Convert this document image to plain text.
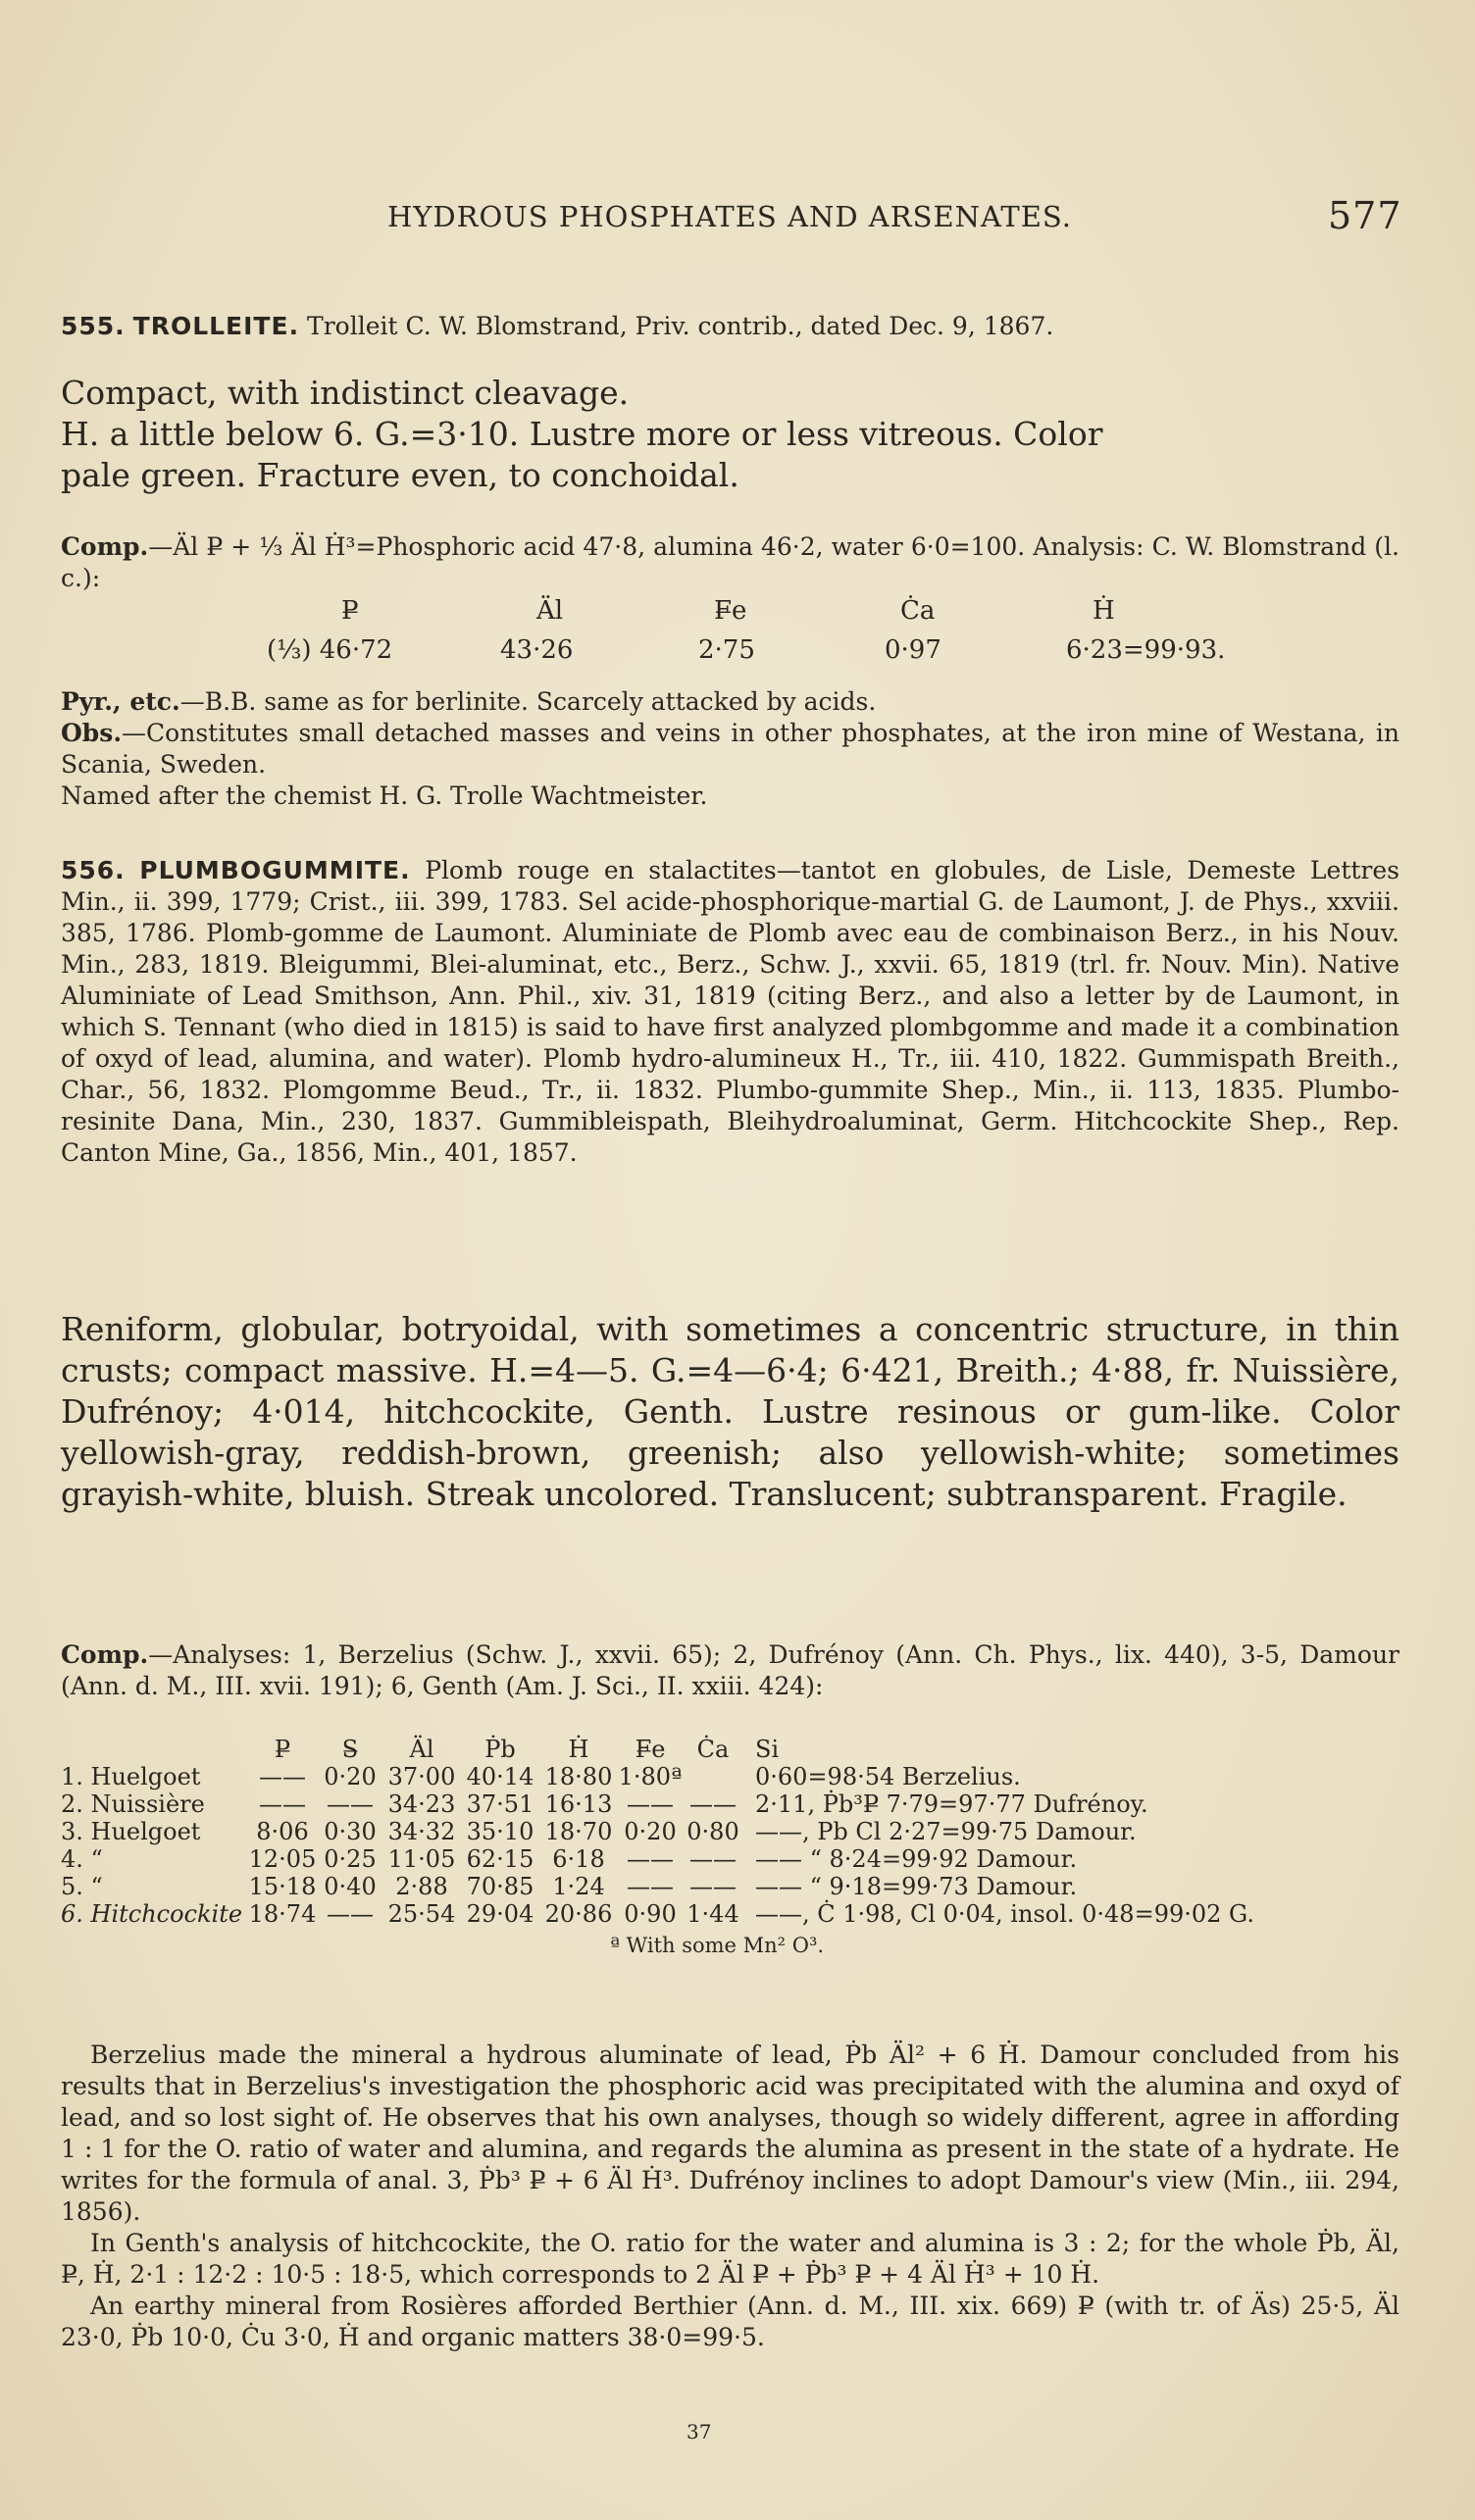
HYDROUS PHOSPHATES AND ARSENATES.	577
555. TROLLEITE. Trolleit C. W. Blomstrand, Priv. contrib., dated Dec. 9, 1867.

Compact, with indistinct cleavage.

H. a little below 6. G.=3·10. Lustre more or less vitreous. Color

pale green. Fracture even, to conchoidal.

Comp.—Äl P̶ + ⅓ Äl Ḣ³=Phosphoric acid 47·8, alumina 46·2, water 6·0=100. Analysis: C. W. Blomstrand (l. c.):
P̶	Äl	F̶e	Ċa	Ḣ
(⅓) 46·72	43·26	2·75	0·97	6·23=99·93.

Pyr., etc.—B.B. same as for berlinite. Scarcely attacked by acids.

Obs.—Constitutes small detached masses and veins in other phosphates, at the iron mine of Westana, in Scania, Sweden.

Named after the chemist H. G. Trolle Wachtmeister.

556. PLUMBOGUMMITE. Plomb rouge en stalactites—tantot en globules, de Lisle, Demeste Lettres Min., ii. 399, 1779; Crist., iii. 399, 1783. Sel acide-phosphorique-martial G. de Laumont, J. de Phys., xxviii. 385, 1786. Plomb-gomme de Laumont. Aluminiate de Plomb avec eau de combinaison Berz., in his Nouv. Min., 283, 1819. Bleigummi, Blei-aluminat, etc., Berz., Schw. J., xxvii. 65, 1819 (trl. fr. Nouv. Min). Native Aluminiate of Lead Smithson, Ann. Phil., xiv. 31, 1819 (citing Berz., and also a letter by de Laumont, in which S. Tennant (who died in 1815) is said to have first analyzed plombgomme and made it a combination of oxyd of lead, alumina, and water). Plomb hydro-alumineux H., Tr., iii. 410, 1822. Gummispath Breith., Char., 56, 1832. Plomgomme Beud., Tr., ii. 1832. Plumbo-gummite Shep., Min., ii. 113, 1835. Plumbo-resinite Dana, Min., 230, 1837. Gummibleispath, Bleihydroaluminat, Germ. Hitchcockite Shep., Rep. Canton Mine, Ga., 1856, Min., 401, 1857.

Reniform, globular, botryoidal, with sometimes a concentric structure, in thin crusts; compact massive. H.=4—5. G.=4—6·4; 6·421, Breith.; 4·88, fr. Nuissière, Dufrénoy; 4·014, hitchcockite, Genth. Lustre resinous or gum-like. Color yellowish-gray, reddish-brown, greenish; also yellowish-white; sometimes grayish-white, bluish. Streak uncolored. Translucent; subtransparent. Fragile.

Comp.—Analyses: 1, Berzelius (Schw. J., xxvii. 65); 2, Dufrénoy (Ann. Ch. Phys., lix. 440), 3-5, Damour (Ann. d. M., III. xvii. 191); 6, Genth (Am. J. Sci., II. xxiii. 424):
	P̶	S̶	Äl	Ṗb	Ḣ	F̶e	Ċa	Si
1. Huelgoet	——	0·20	37·00	40·14	18·80	1·80ª		0·60=98·54 Berzelius.
2. Nuissière	——	——	34·23	37·51	16·13	——	——	2·11, Ṗb³P̶ 7·79=97·77 Dufrénoy.
3. Huelgoet	8·06	0·30	34·32	35·10	18·70	0·20	0·80	——, Pb Cl 2·27=99·75 Damour.
4. “	12·05	0·25	11·05	62·15	6·18	——	——	—— “ 8·24=99·92 Damour.
5. “	15·18	0·40	2·88	70·85	1·24	——	——	—— “ 9·18=99·73 Damour.
6. Hitchcockite	18·74	——	25·54	29·04	20·86	0·90	1·44	——, Ċ 1·98, Cl 0·04, insol. 0·48=99·02 G.

ª With some Mn² O³.

Berzelius made the mineral a hydrous aluminate of lead, Ṗb Äl² + 6 Ḣ. Damour concluded from his results that in Berzelius's investigation the phosphoric acid was precipitated with the alumina and oxyd of lead, and so lost sight of. He observes that his own analyses, though so widely different, agree in affording 1 : 1 for the O. ratio of water and alumina, and regards the alumina as present in the state of a hydrate. He writes for the formula of anal. 3, Ṗb³ P̶ + 6 Äl Ḣ³. Dufrénoy inclines to adopt Damour's view (Min., iii. 294, 1856).

In Genth's analysis of hitchcockite, the O. ratio for the water and alumina is 3 : 2; for the whole Ṗb, Äl, P̶, Ḣ, 2·1 : 12·2 : 10·5 : 18·5, which corresponds to 2 Äl P̶ + Ṗb³ P̶ + 4 Äl Ḣ³ + 10 Ḣ.

An earthy mineral from Rosières afforded Berthier (Ann. d. M., III. xix. 669) P̶ (with tr. of Äs) 25·5, Äl 23·0, Ṗb 10·0, Ċu 3·0, Ḣ and organic matters 38·0=99·5.

37
